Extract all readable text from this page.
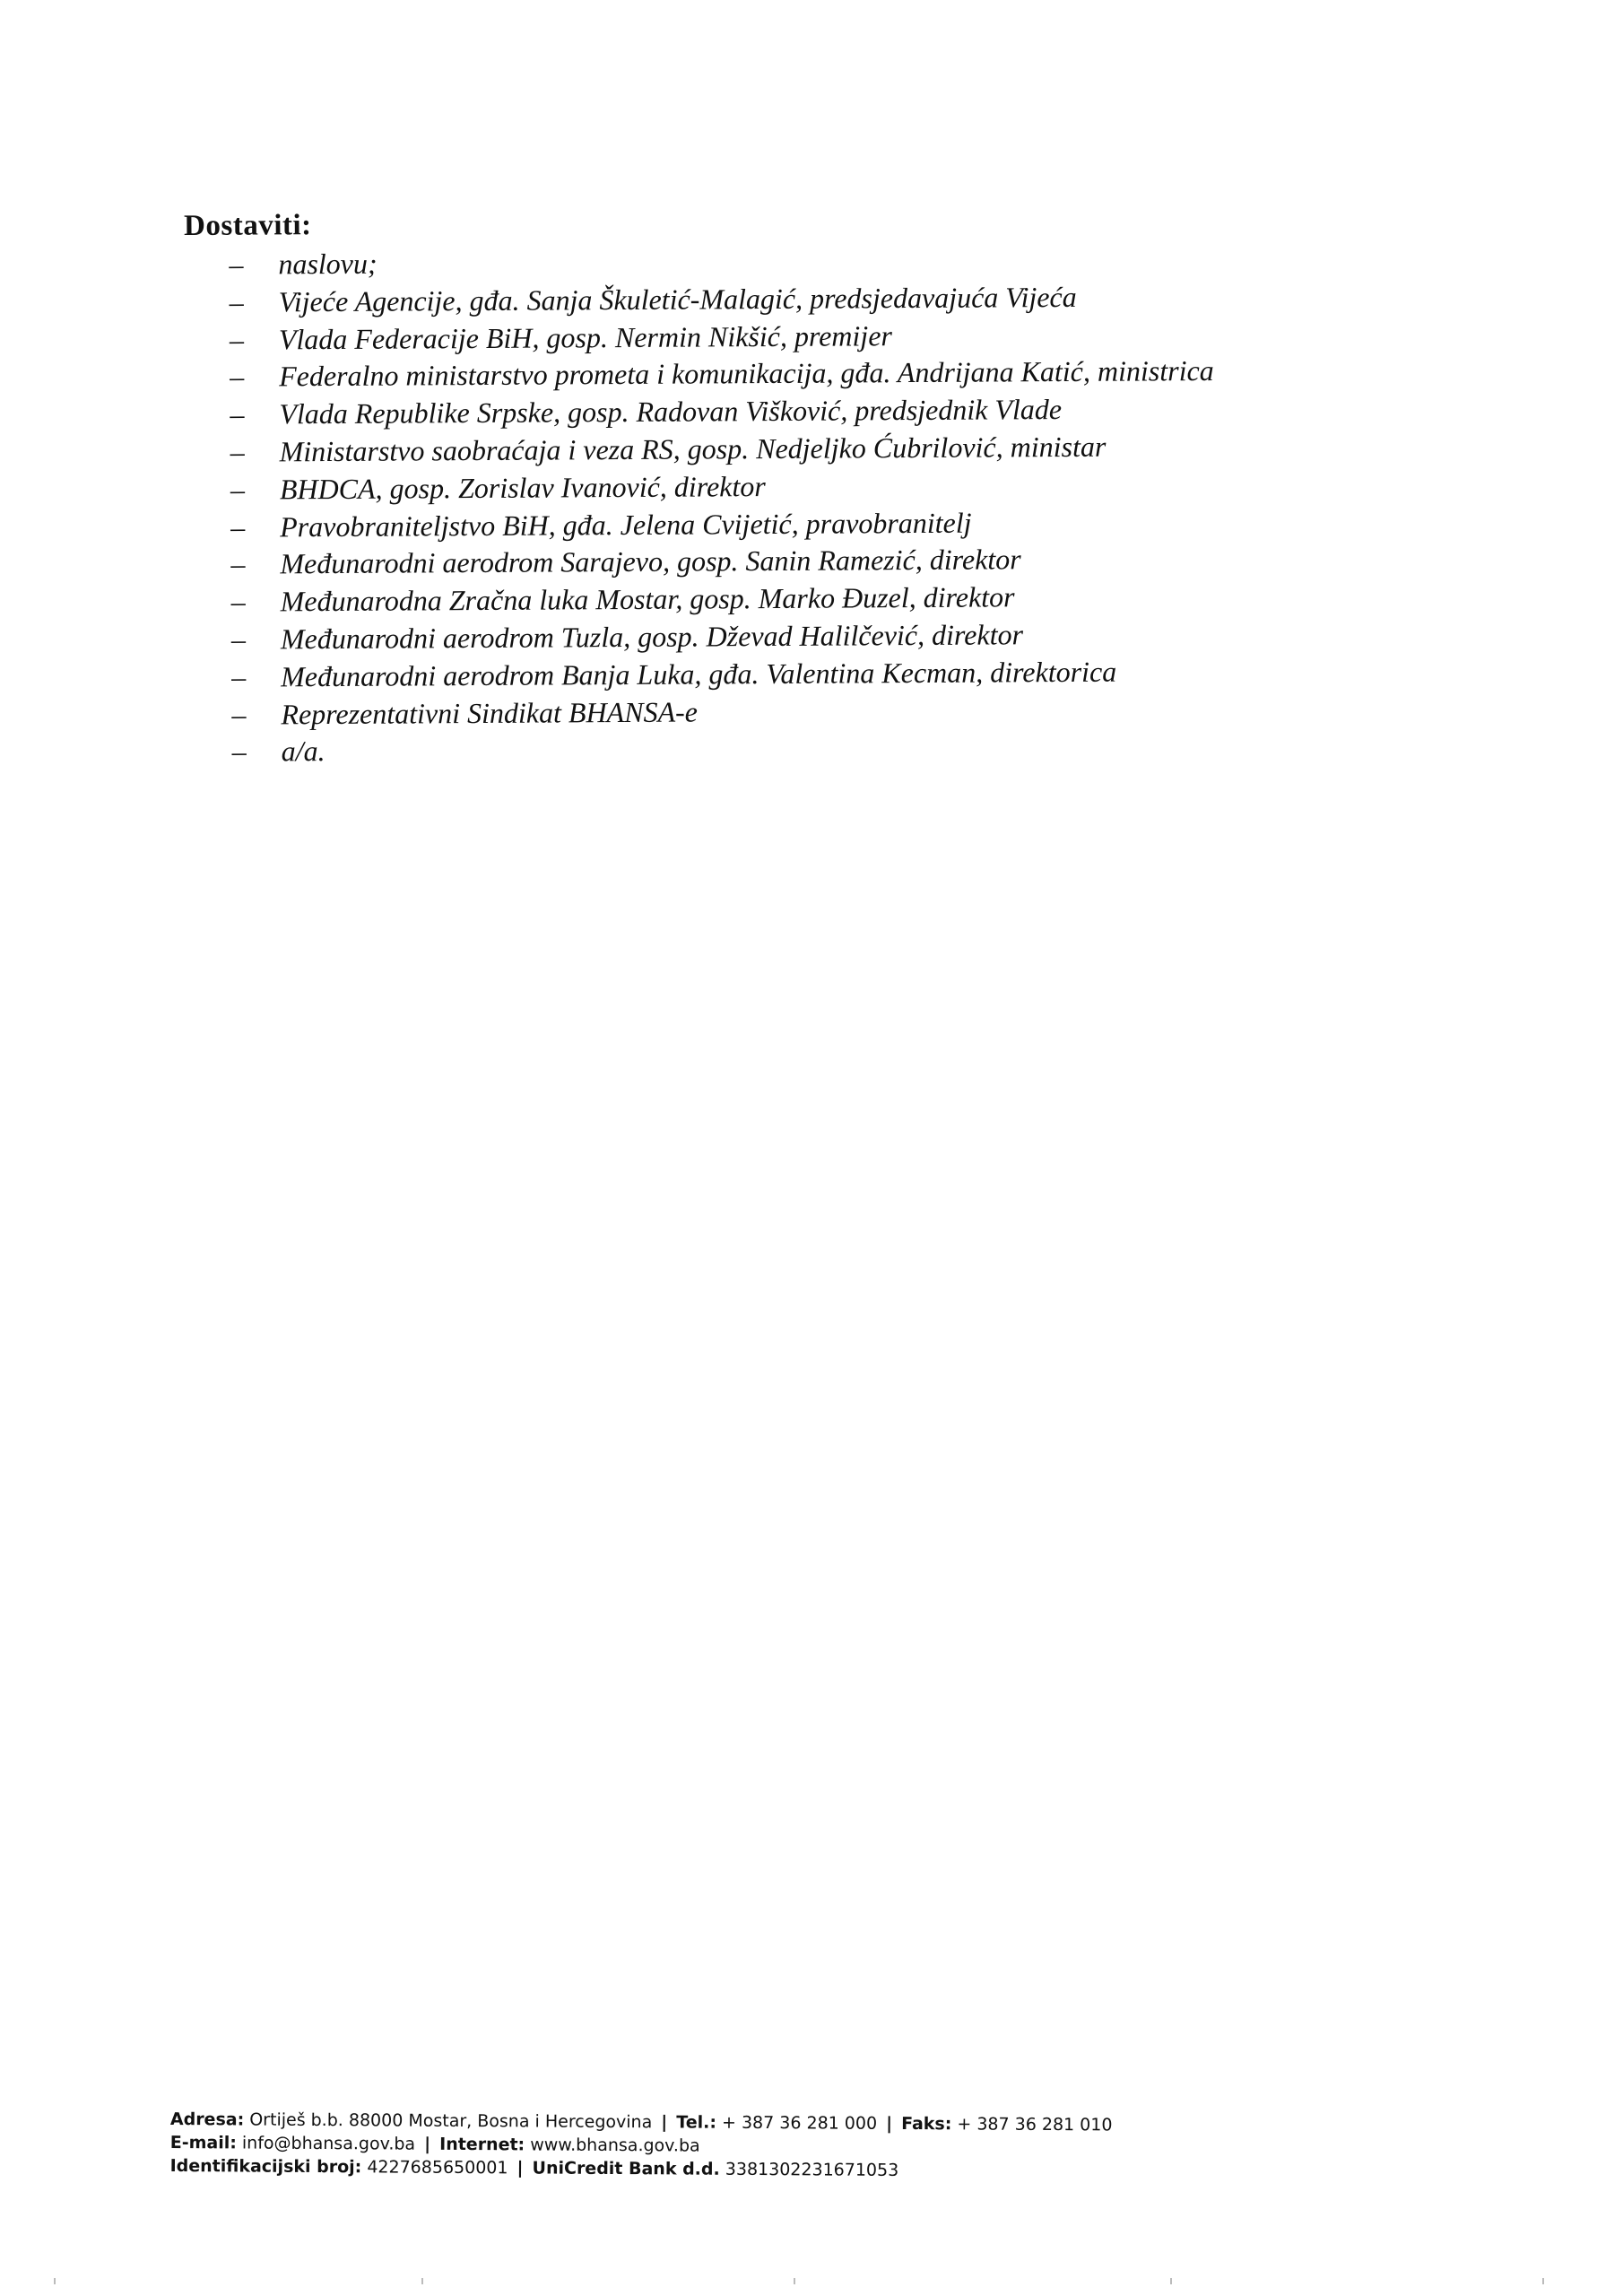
Dostaviti:
– naslovu;
– Vijeće Agencije, gđa. Sanja Škuletić-Malagić, predsjedavajuća Vijeća
– Vlada Federacije BiH, gosp. Nermin Nikšić, premijer
– Federalno ministarstvo prometa i komunikacija, gđa. Andrijana Katić, ministrica
– Vlada Republike Srpske, gosp. Radovan Višković, predsjednik Vlade
– Ministarstvo saobraćaja i veza RS, gosp. Nedjeljko Ćubrilović, ministar
– BHDCA, gosp. Zorislav Ivanović, direktor
– Pravobraniteljstvo BiH, gđa. Jelena Cvijetić, pravobranitelj
– Međunarodni aerodrom Sarajevo, gosp. Sanin Ramezić, direktor
– Međunarodna Zračna luka Mostar, gosp. Marko Đuzel, direktor
– Međunarodni aerodrom Tuzla, gosp. Dževad Halilčević, direktor
– Međunarodni aerodrom Banja Luka, gđa. Valentina Kecman, direktorica
– Reprezentativni Sindikat BHANSA-e
– a/a.
Adresa: Ortiješ b.b. 88000 Mostar, Bosna i Hercegovina | Tel.: + 387 36 281 000 | Faks: + 387 36 281 010
E-mail: info@bhansa.gov.ba | Internet: www.bhansa.gov.ba
Identifikacijski broj: 4227685650001 | UniCredit Bank d.d. 3381302231671053
